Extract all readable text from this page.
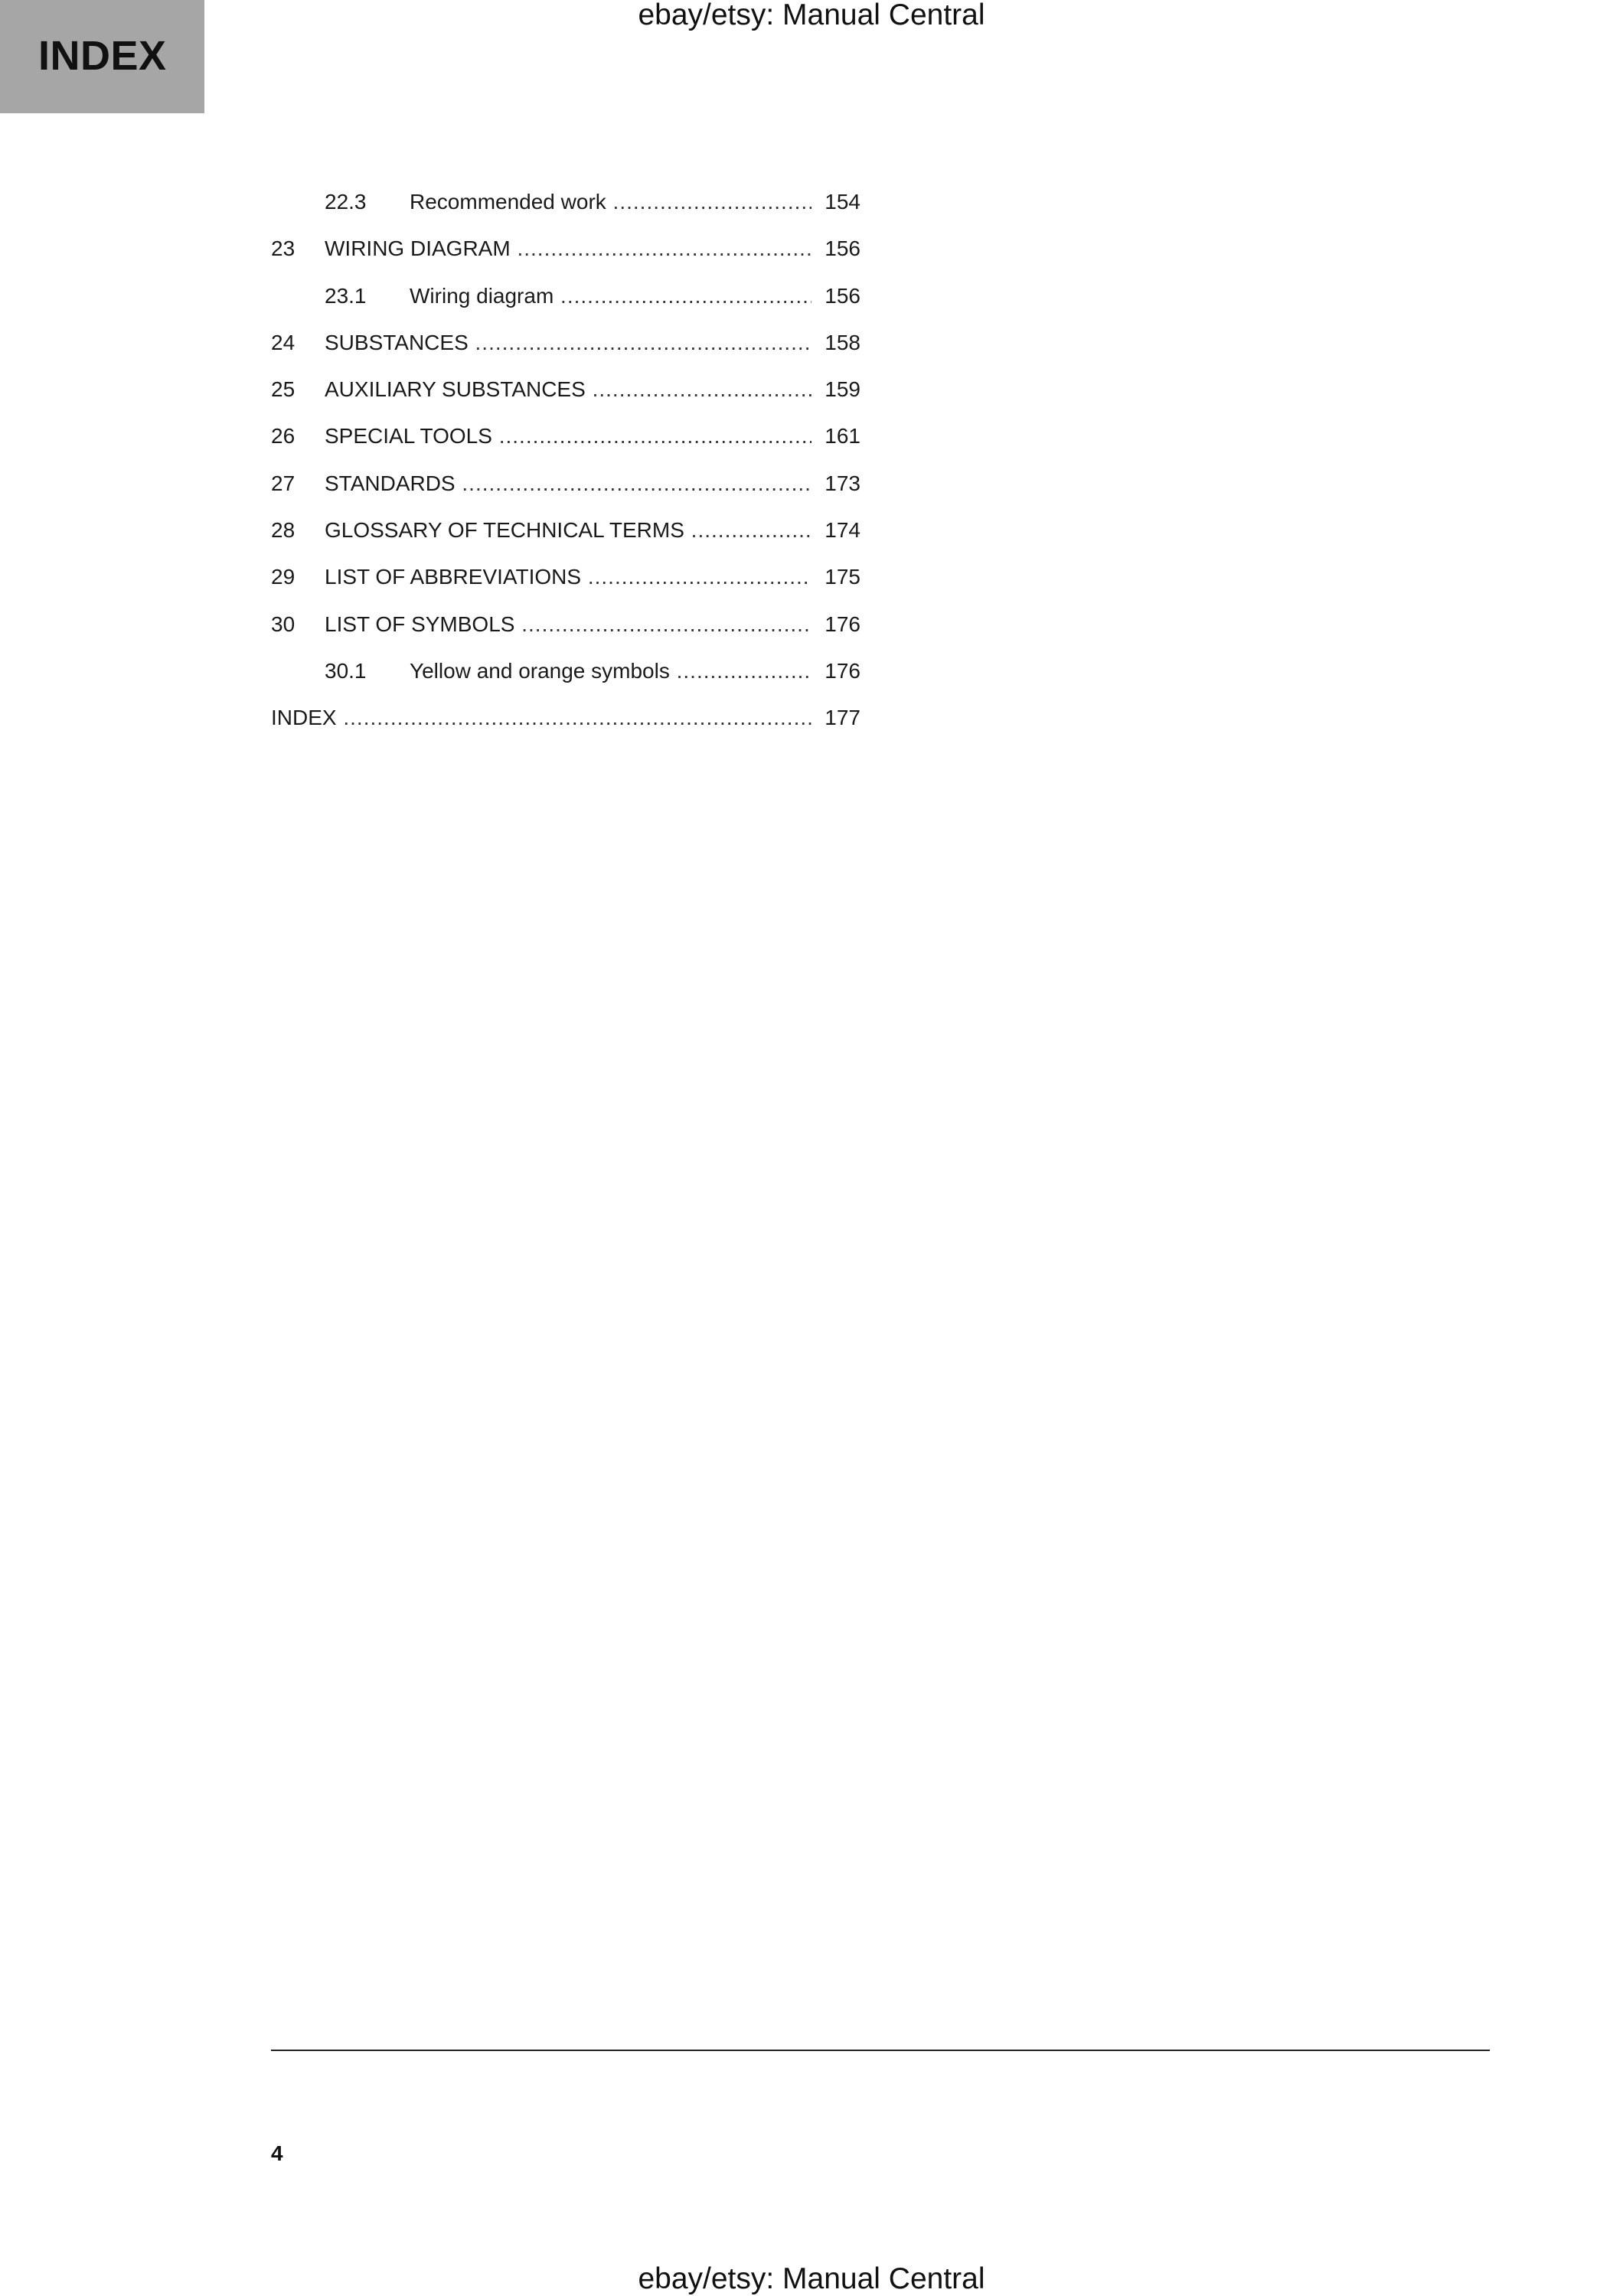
INDEX
ebay/etsy: Manual Central
22.3	Recommended work .....	154
23	WIRING DIAGRAM .....	156
23.1	Wiring diagram .....	156
24	SUBSTANCES .....	158
25	AUXILIARY SUBSTANCES .....	159
26	SPECIAL TOOLS .....	161
27	STANDARDS .....	173
28	GLOSSARY OF TECHNICAL TERMS .....	174
29	LIST OF ABBREVIATIONS .....	175
30	LIST OF SYMBOLS .....	176
30.1	Yellow and orange symbols .....	176
INDEX .....	177
4
ebay/etsy: Manual Central
